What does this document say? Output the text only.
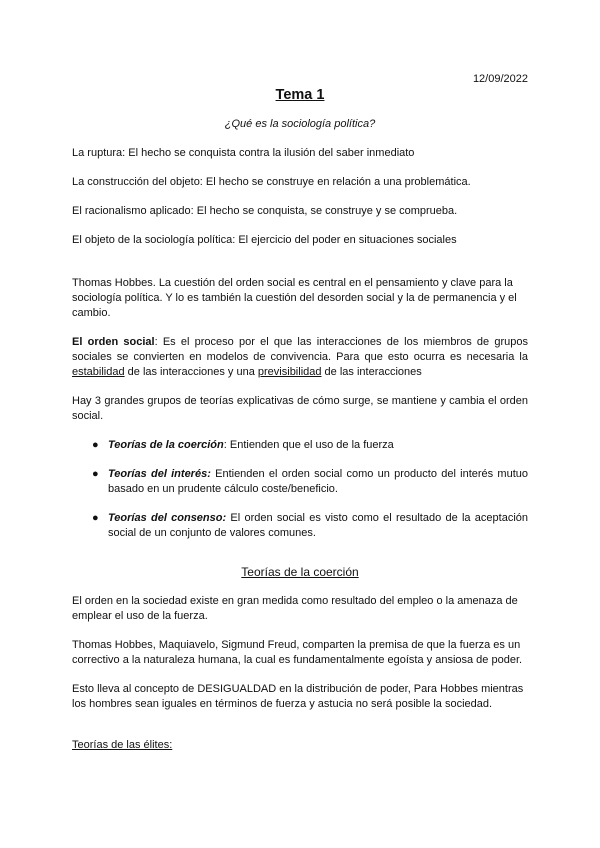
12/09/2022
Tema 1
¿Qué es la sociología política?

La ruptura: El hecho se conquista contra la ilusión del saber inmediato

La construcción del objeto: El hecho se construye en relación a una problemática.

El racionalismo aplicado: El hecho se conquista, se construye y se comprueba.

El objeto de la sociología política: El ejercicio del poder en situaciones sociales

Thomas Hobbes. La cuestión del orden social es central en el pensamiento y clave para la sociología política. Y lo es también la cuestión del desorden social y la de permanencia y el cambio.

El orden social: Es el proceso por el que las interacciones de los miembros de grupos sociales se convierten en modelos de convivencia. Para que esto ocurra es necesaria la estabilidad de las interacciones y una previsibilidad de las interacciones

Hay 3 grandes grupos de teorías explicativas de cómo surge, se mantiene y cambia el orden social.

● Teorías de la coerción: Entienden que el uso de la fuerza
● Teorías del interés: Entienden el orden social como un producto del interés mutuo basado en un prudente cálculo coste/beneficio.
● Teorías del consenso: El orden social es visto como el resultado de la aceptación social de un conjunto de valores comunes.
Teorías de la coerción

El orden en la sociedad existe en gran medida como resultado del empleo o la amenaza de emplear el uso de la fuerza.

Thomas Hobbes, Maquiavelo, Sigmund Freud, comparten la premisa de que la fuerza es un correctivo a la naturaleza humana, la cual es fundamentalmente egoísta y ansiosa de poder.

Esto lleva al concepto de DESIGUALDAD en la distribución de poder, Para Hobbes mientras los hombres sean iguales en términos de fuerza y astucia no será posible la sociedad.

Teorías de las élites:
